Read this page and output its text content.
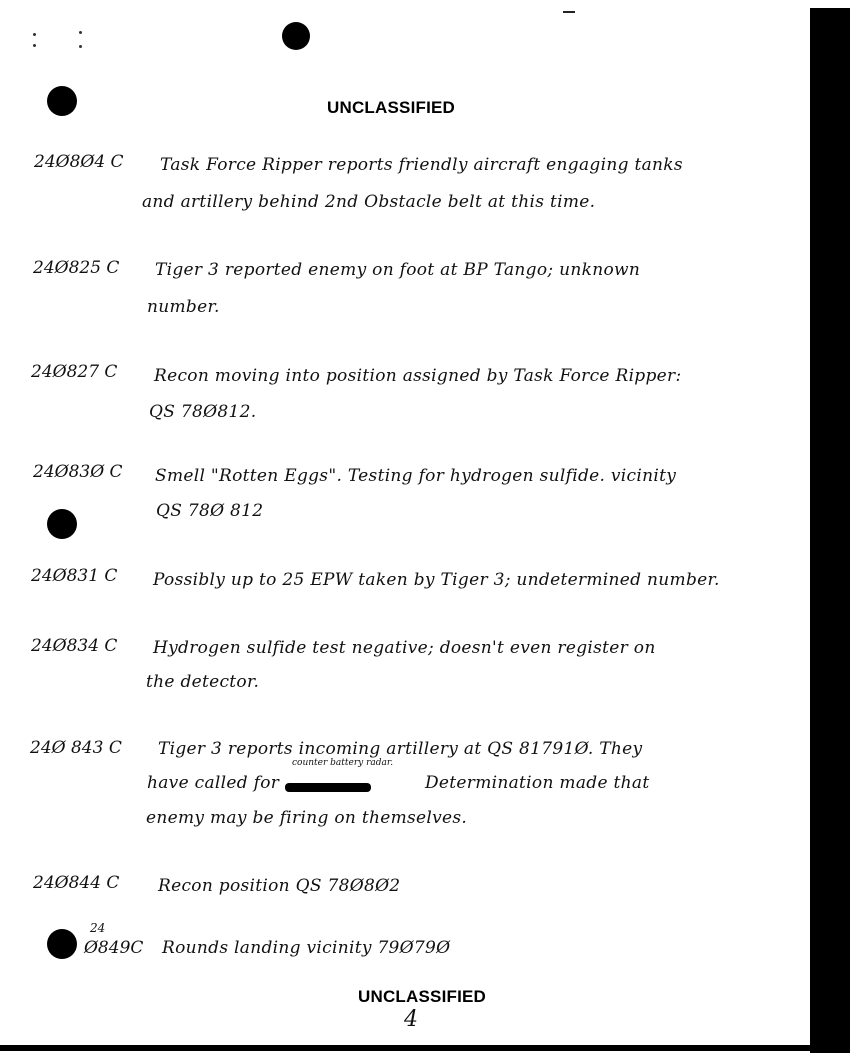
UNCLASSIFIED
24Ø8Ø4 C Task Force Ripper reports friendly aircraft engaging tanks
and artillery behind 2nd Obstacle belt at this time.
24Ø825 C Tiger 3 reported enemy on foot at BP Tango; unknown
number.
24Ø827 C Recon moving into position assigned by Task Force Ripper:
QS 78Ø812.
24Ø83Ø C Smell "Rotten Eggs". Testing for hydrogen sulfide. vicinity
QS 78Ø 812
24Ø831 C Possibly up to 25 EPW taken by Tiger 3; undetermined number.
24Ø834 C Hydrogen sulfide test negative; doesn't even register on
the detector.
24Ø 843 C Tiger 3 reports incoming artillery at QS 81791Ø. They
have called for
counter battery radar.
Determination made that
enemy may be firing on themselves.
24Ø844 C Recon position QS 78Ø8Ø2
24
Ø849C Rounds landing vicinity 79Ø79Ø
UNCLASSIFIED
4
